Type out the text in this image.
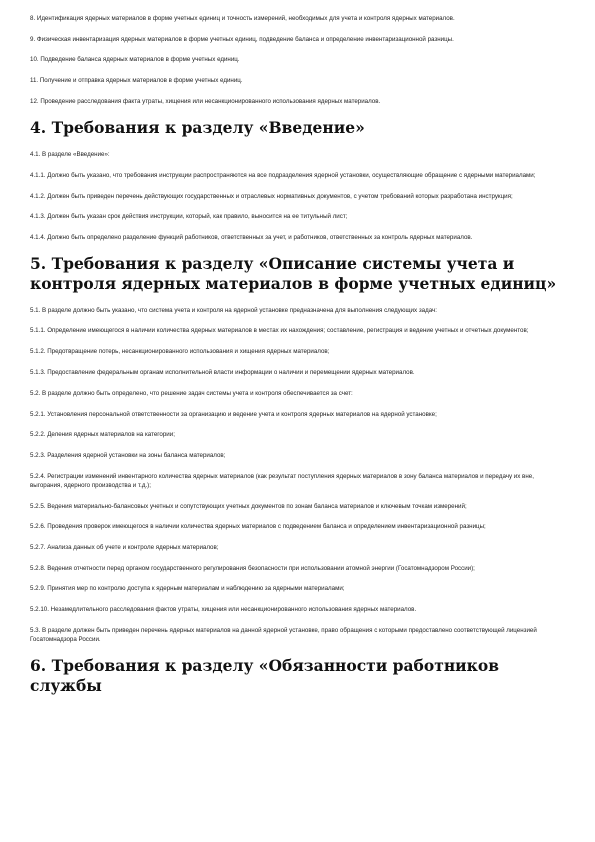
8. Идентификация ядерных материалов в форме учетных единиц и точность измерений, необходимых для учета и контроля ядерных материалов.

9. Физическая инвентаризация ядерных материалов в форме учетных единиц, подведение баланса и определение инвентаризационной разницы.

10. Подведение баланса ядерных материалов в форме учетных единиц.

11. Получение и отправка ядерных материалов в форме учетных единиц.

12. Проведение расследования факта утраты, хищения или несанкционированного использования ядерных материалов.

4. Требования к разделу «Введение»

4.1. В разделе «Введение»:

4.1.1. Должно быть указано, что требования инструкции распространяются на все подразделения ядерной установки, осуществляющие обращение с ядерными материалами;

4.1.2. Должен быть приведен перечень действующих государственных и отраслевых нормативных документов, с учетом требований которых разработана инструкция;

4.1.3. Должен быть указан срок действия инструкции, который, как правило, выносится на ее титульный лист;

4.1.4. Должно быть определено разделение функций работников, ответственных за учет, и работников, ответственных за контроль ядерных материалов.

5. Требования к разделу «Описание системы учета и контроля ядерных материалов в форме учетных единиц»

5.1. В разделе должно быть указано, что система учета и контроля на ядерной установке предназначена для выполнения следующих задач:

5.1.1. Определение имеющегося в наличии количества ядерных материалов в местах их нахождения; составление, регистрация и ведение учетных и отчетных документов;

5.1.2. Предотвращение потерь, несанкционированного использования и хищения ядерных материалов;

5.1.3. Предоставление федеральным органам исполнительной власти информации о наличии и перемещении ядерных материалов.

5.2. В разделе должно быть определено, что решение задач системы учета и контроля обеспечивается за счет:

5.2.1. Установления персональной ответственности за организацию и ведение учета и контроля ядерных материалов на ядерной установке;

5.2.2. Деления ядерных материалов на категории;

5.2.3. Разделения ядерной установки на зоны баланса материалов;

5.2.4. Регистрации изменений инвентарного количества ядерных материалов (как результат поступления ядерных материалов в зону баланса материалов и передачу их вне, выгорания, ядерного производства и т.д.);

5.2.5. Ведения материально-балансовых учетных и сопутствующих учетных документов по зонам баланса материалов и ключевым точкам измерений;

5.2.6. Проведения проверок имеющегося в наличии количества ядерных материалов с подведением баланса и определением инвентаризационной разницы;

5.2.7. Анализа данных об учете и контроле ядерных материалов;

5.2.8. Ведения отчетности перед органом государственного регулирования безопасности при использовании атомной энергии (Госатомнадзором России);

5.2.9. Принятия мер по контролю доступа к ядерным материалам и наблюдению за ядерными материалами;

5.2.10. Незамедлительного расследования фактов утраты, хищения или несанкционированного использования ядерных материалов.

5.3. В разделе должен быть приведен перечень ядерных материалов на данной ядерной установке, право обращения с которыми предоставлено соответствующей лицензией Госатомнадзора России.

6. Требования к разделу «Обязанности работников службы
